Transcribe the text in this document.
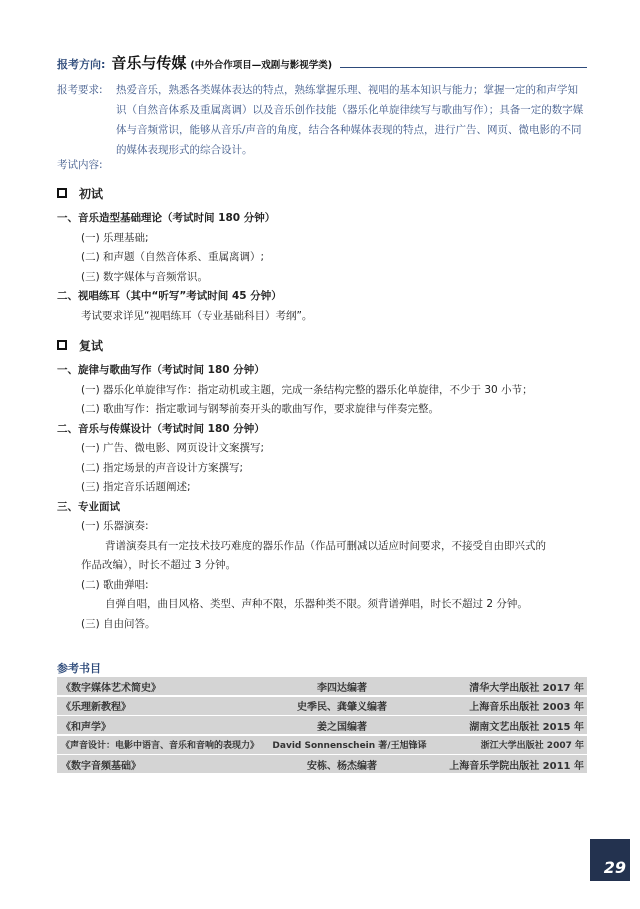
报考方向: 音乐与传媒 (中外合作项目—戏剧与影视学类)
报考要求:	热爱音乐，熟悉各类媒体表达的特点，熟练掌握乐理、视唱的基本知识与能力；掌握一定的和声学知识（自然音体系及重属离调）以及音乐创作技能（器乐化单旋律续写与歌曲写作）；具备一定的数字媒体与音频常识，能够从音乐/声音的角度，结合各种媒体表现的特点，进行广告、网页、微电影的不同的媒体表现形式的综合设计。
考试内容:
初试
一、音乐造型基础理论（考试时间 180 分钟）
(一) 乐理基础;
(二) 和声题（自然音体系、重属离调）;
(三) 数字媒体与音频常识。
二、视唱练耳（其中“听写”考试时间 45 分钟）
考试要求详见“视唱练耳（专业基础科目）考纲”。
复试
一、旋律与歌曲写作（考试时间 180 分钟）
(一) 器乐化单旋律写作：指定动机或主题，完成一条结构完整的器乐化单旋律，不少于 30 小节；
(二) 歌曲写作：指定歌词与钢琴前奏开头的歌曲写作，要求旋律与伴奏完整。
二、音乐与传媒设计（考试时间 180 分钟）
(一) 广告、微电影、网页设计文案撰写;
(二) 指定场景的声音设计方案撰写;
(三) 指定音乐话题阐述;
三、专业面试
(一) 乐器演奏:
背谱演奏具有一定技术技巧难度的器乐作品（作品可删减以适应时间要求，不接受自由即兴式的
作品改编），时长不超过 3 分钟。
(二) 歌曲弹唱:
自弹自唱，曲目风格、类型、声种不限，乐器种类不限。须背谱弹唱，时长不超过 2 分钟。
(三) 自由问答。
参考书目
《数字媒体艺术简史》	李四达编著	清华大学出版社 2017 年
《乐理新教程》	史季民、龚肇义编著	上海音乐出版社 2003 年
《和声学》	姜之国编著	湖南文艺出版社 2015 年
《声音设计：电影中语言、音乐和音响的表现力》	David Sonnenschein 著/王旭锋译	浙江大学出版社 2007 年
《数字音频基础》	安栋、杨杰编著	上海音乐学院出版社 2011 年
29
